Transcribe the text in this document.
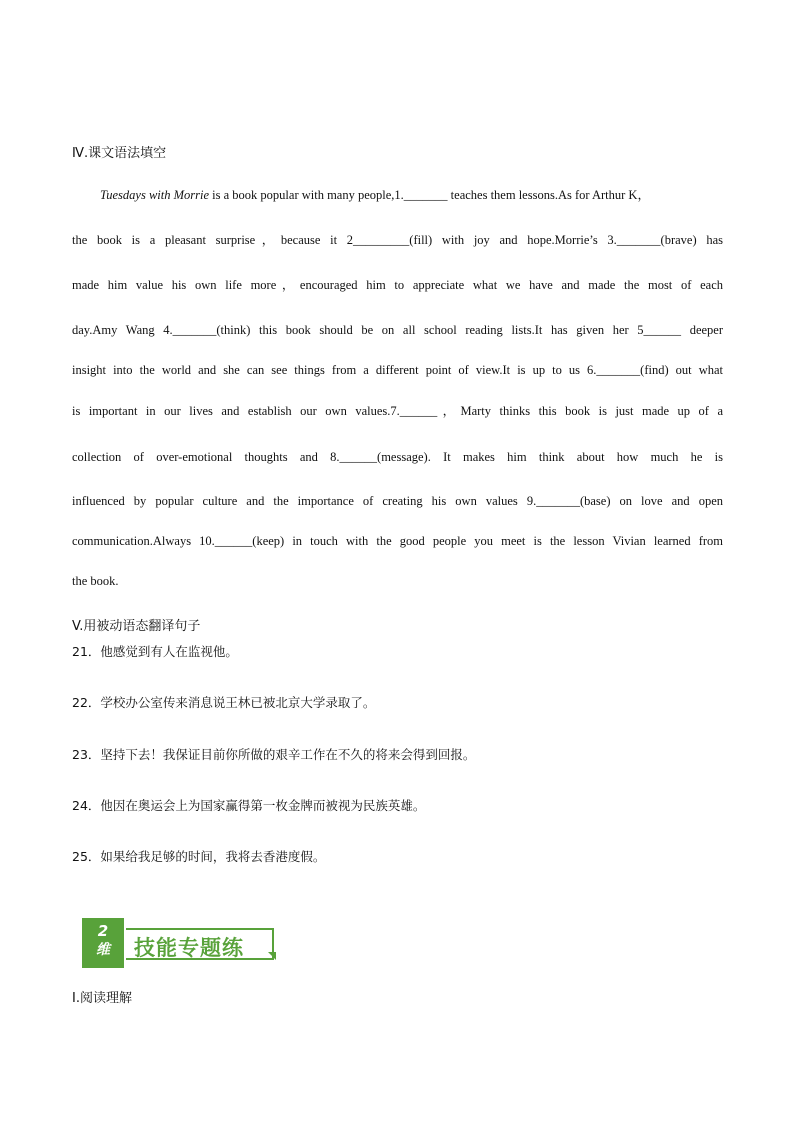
Ⅳ.课文语法填空
Tuesdays with Morrie is a book popular with many people,1._______ teaches them lessons.As for Arthur K，
the book is a pleasant surprise，because it 2_________(fill) with joy and hope.Morrie’s 3._______(brave) has
made him value his own life more，encouraged him to appreciate what we have and made the most of each
day.Amy Wang 4._______(think) this book should be on all school reading lists.It has given her 5______ deeper
insight into the world and she can see things from a different point of view.It is up to us 6._______(find) out what
is important in our lives and establish our own values.7.______，Marty thinks this book is just made up of a
collection of over-emotional thoughts and 8.______(message). It makes him think about how much he is
influenced by popular culture and the importance of creating his own values 9._______(base) on love and open
communication.Always 10.______(keep) in touch with the good people you meet is the lesson Vivian learned from
the book.
V.用被动语态翻译句子
21．他感觉到有人在监视他。
22．学校办公室传来消息说王林已被北京大学录取了。
23．坚持下去！我保证目前你所做的艰辛工作在不久的将来会得到回报。
24．他因在奥运会上为国家赢得第一枚金牌而被视为民族英雄。
25．如果给我足够的时间，我将去香港度假。
技能专题练
2
维
Ⅰ.阅读理解
